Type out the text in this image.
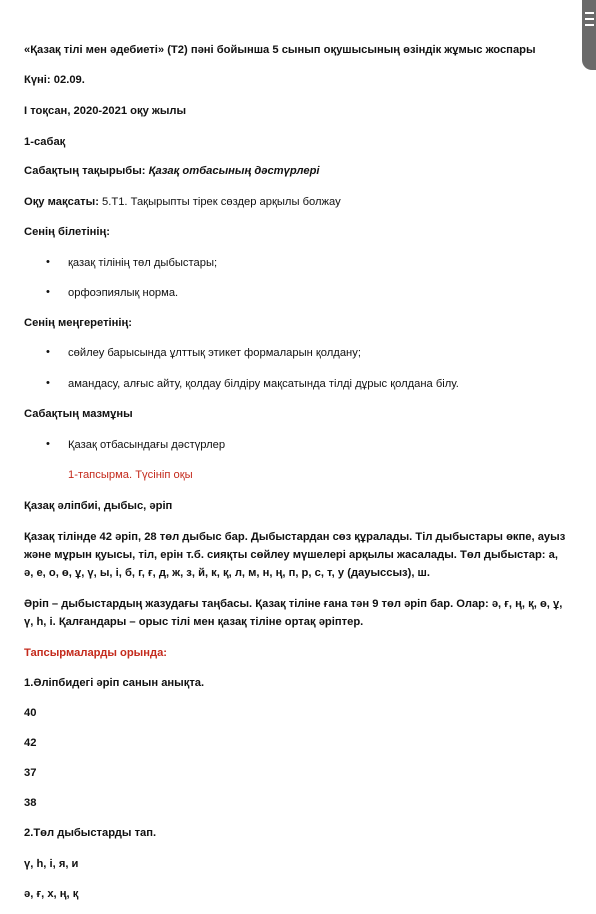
«Қазақ тілі мен әдебиеті» (Т2) пәні бойынша 5 сынып оқушысының өзіндік жұмыс жоспары
Күні: 02.09.
І тоқсан, 2020-2021 оқу жылы
1-сабақ
Сабақтың тақырыбы: Қазақ отбасының дәстүрлері
Оқу мақсаты: 5.Т1. Тақырыпты тірек сөздер арқылы болжау
Сенің білетінің:
• қазақ тілінің төл дыбыстары;
• орфоэпиялық норма.
Сенің меңгеретінің:
• сөйлеу барысында ұлттық этикет формаларын қолдану;
• амандасу, алғыс айту, қолдау білдіру мақсатында тілді дұрыс қолдана білу.
Сабақтың мазмұны
• Қазақ отбасындағы дәстүрлер
1-тапсырма. Түсініп оқы
Қазақ әліпбиі, дыбыс, әріп
Қазақ тілінде 42 әріп, 28 төл дыбыс бар. Дыбыстардан сөз құралады. Тіл дыбыстары өкпе, ауыз
және мұрын қуысы, тіл, ерін т.б. сияқты сөйлеу мүшелері арқылы жасалады. Төл дыбыстар: а,
ә, е, о, ө, ұ, ү, ы, і, б, г, ғ, д, ж, з, й, к, қ, л, м, н, ң, п, р, с, т, у (дауыссыз), ш.
Әріп – дыбыстардың жазудағы таңбасы. Қазақ тіліне ғана тән 9 төл әріп бар. Олар: ә, ғ, ң, қ, ө, ұ,
ү, һ, і. Қалғандары – орыс тілі мен қазақ тіліне ортақ әріптер.
Тапсырмаларды орында:
1.Әліпбидегі әріп санын анықта.
40
42
37
38
2.Төл дыбыстарды тап.
ү, һ, і, я, и
ә, ғ, х, ң, қ
